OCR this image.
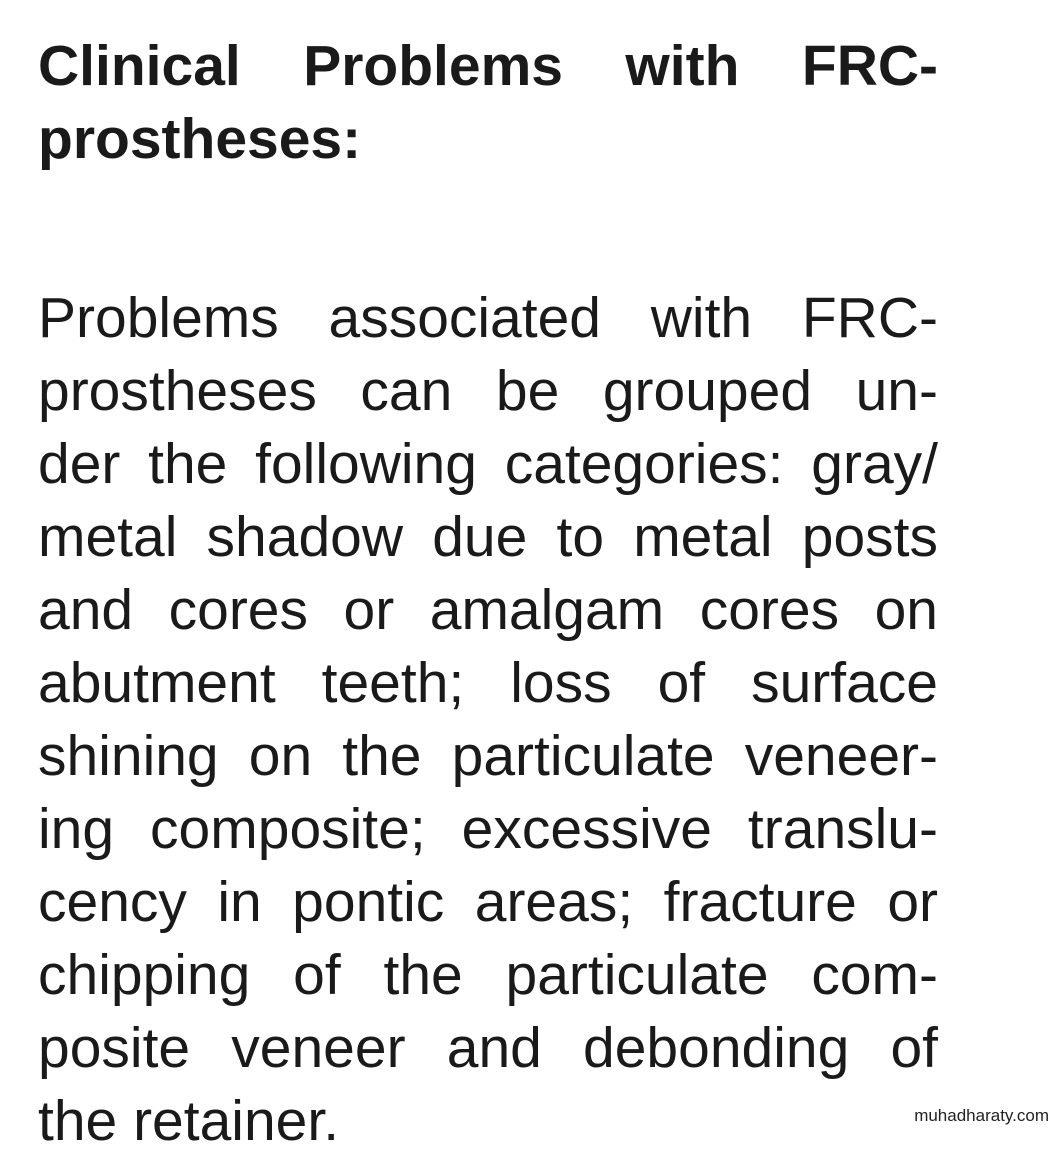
Clinical Problems with FRC-
prostheses:
Problems associated with FRC-
prostheses can be grouped un-
der the following categories: gray/
metal shadow due to metal posts
and cores or amalgam cores on
abutment teeth; loss of surface
shining on the particulate veneer-
ing composite; excessive translu-
cency in pontic areas; fracture or
chipping of the particulate com-
posite veneer and debonding of
the retainer.	muhadharaty.com
